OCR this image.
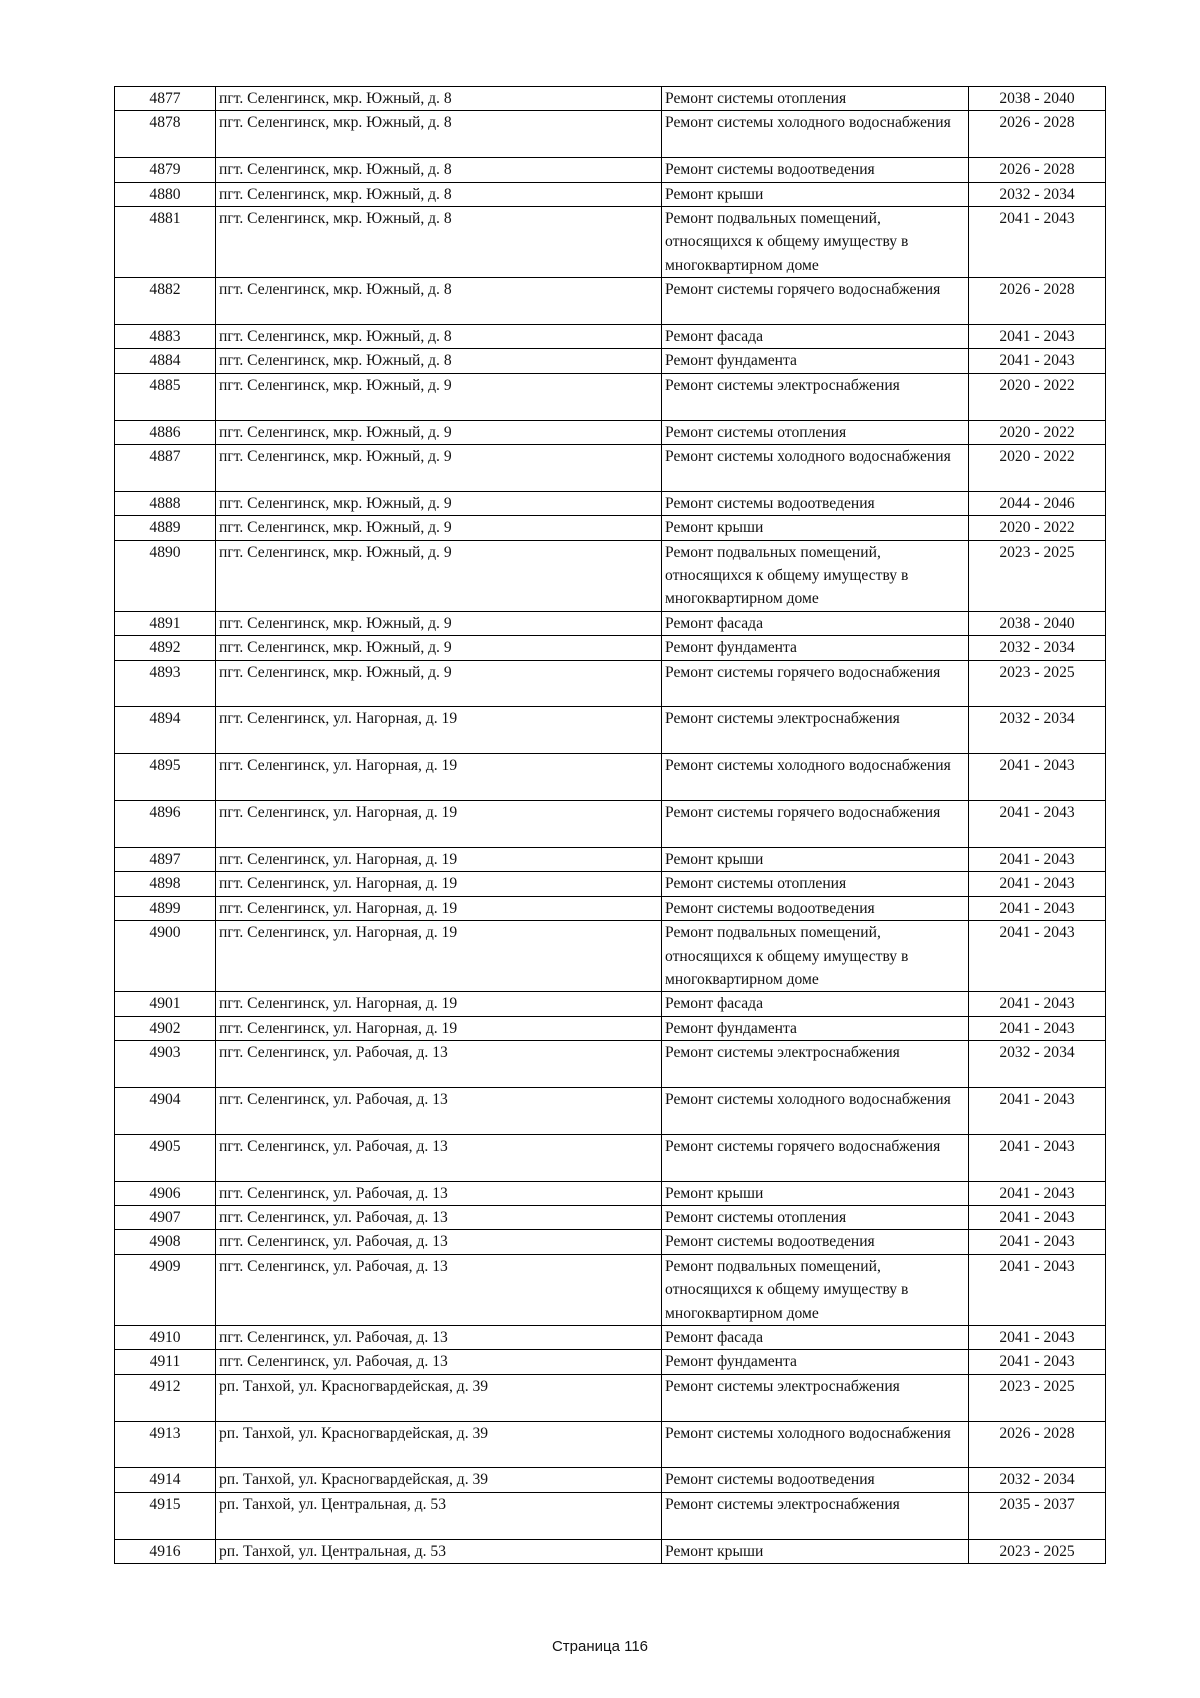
4877	пгт. Селенгинск, мкр. Южный, д. 8	Ремонт системы отопления	2038 - 2040
4878	пгт. Селенгинск, мкр. Южный, д. 8	Ремонт системы холодного водоснабжения	2026 - 2028
4879	пгт. Селенгинск, мкр. Южный, д. 8	Ремонт системы водоотведения	2026 - 2028
4880	пгт. Селенгинск, мкр. Южный, д. 8	Ремонт крыши	2032 - 2034
4881	пгт. Селенгинск, мкр. Южный, д. 8	Ремонт подвальных помещений, относящихся к общему имуществу в многоквартирном доме	2041 - 2043
4882	пгт. Селенгинск, мкр. Южный, д. 8	Ремонт системы горячего водоснабжения	2026 - 2028
4883	пгт. Селенгинск, мкр. Южный, д. 8	Ремонт фасада	2041 - 2043
4884	пгт. Селенгинск, мкр. Южный, д. 8	Ремонт фундамента	2041 - 2043
4885	пгт. Селенгинск, мкр. Южный, д. 9	Ремонт системы электроснабжения	2020 - 2022
4886	пгт. Селенгинск, мкр. Южный, д. 9	Ремонт системы отопления	2020 - 2022
4887	пгт. Селенгинск, мкр. Южный, д. 9	Ремонт системы холодного водоснабжения	2020 - 2022
4888	пгт. Селенгинск, мкр. Южный, д. 9	Ремонт системы водоотведения	2044 - 2046
4889	пгт. Селенгинск, мкр. Южный, д. 9	Ремонт крыши	2020 - 2022
4890	пгт. Селенгинск, мкр. Южный, д. 9	Ремонт подвальных помещений, относящихся к общему имуществу в многоквартирном доме	2023 - 2025
4891	пгт. Селенгинск, мкр. Южный, д. 9	Ремонт фасада	2038 - 2040
4892	пгт. Селенгинск, мкр. Южный, д. 9	Ремонт фундамента	2032 - 2034
4893	пгт. Селенгинск, мкр. Южный, д. 9	Ремонт системы горячего водоснабжения	2023 - 2025
4894	пгт. Селенгинск, ул. Нагорная, д. 19	Ремонт системы электроснабжения	2032 - 2034
4895	пгт. Селенгинск, ул. Нагорная, д. 19	Ремонт системы холодного водоснабжения	2041 - 2043
4896	пгт. Селенгинск, ул. Нагорная, д. 19	Ремонт системы горячего водоснабжения	2041 - 2043
4897	пгт. Селенгинск, ул. Нагорная, д. 19	Ремонт крыши	2041 - 2043
4898	пгт. Селенгинск, ул. Нагорная, д. 19	Ремонт системы отопления	2041 - 2043
4899	пгт. Селенгинск, ул. Нагорная, д. 19	Ремонт системы водоотведения	2041 - 2043
4900	пгт. Селенгинск, ул. Нагорная, д. 19	Ремонт подвальных помещений, относящихся к общему имуществу в многоквартирном доме	2041 - 2043
4901	пгт. Селенгинск, ул. Нагорная, д. 19	Ремонт фасада	2041 - 2043
4902	пгт. Селенгинск, ул. Нагорная, д. 19	Ремонт фундамента	2041 - 2043
4903	пгт. Селенгинск, ул. Рабочая, д. 13	Ремонт системы электроснабжения	2032 - 2034
4904	пгт. Селенгинск, ул. Рабочая, д. 13	Ремонт системы холодного водоснабжения	2041 - 2043
4905	пгт. Селенгинск, ул. Рабочая, д. 13	Ремонт системы горячего водоснабжения	2041 - 2043
4906	пгт. Селенгинск, ул. Рабочая, д. 13	Ремонт крыши	2041 - 2043
4907	пгт. Селенгинск, ул. Рабочая, д. 13	Ремонт системы отопления	2041 - 2043
4908	пгт. Селенгинск, ул. Рабочая, д. 13	Ремонт системы водоотведения	2041 - 2043
4909	пгт. Селенгинск, ул. Рабочая, д. 13	Ремонт подвальных помещений, относящихся к общему имуществу в многоквартирном доме	2041 - 2043
4910	пгт. Селенгинск, ул. Рабочая, д. 13	Ремонт фасада	2041 - 2043
4911	пгт. Селенгинск, ул. Рабочая, д. 13	Ремонт фундамента	2041 - 2043
4912	рп. Танхой, ул. Красногвардейская, д. 39	Ремонт системы электроснабжения	2023 - 2025
4913	рп. Танхой, ул. Красногвардейская, д. 39	Ремонт системы холодного водоснабжения	2026 - 2028
4914	рп. Танхой, ул. Красногвардейская, д. 39	Ремонт системы водоотведения	2032 - 2034
4915	рп. Танхой, ул. Центральная, д. 53	Ремонт системы электроснабжения	2035 - 2037
4916	рп. Танхой, ул. Центральная, д. 53	Ремонт крыши	2023 - 2025
Страница 116
